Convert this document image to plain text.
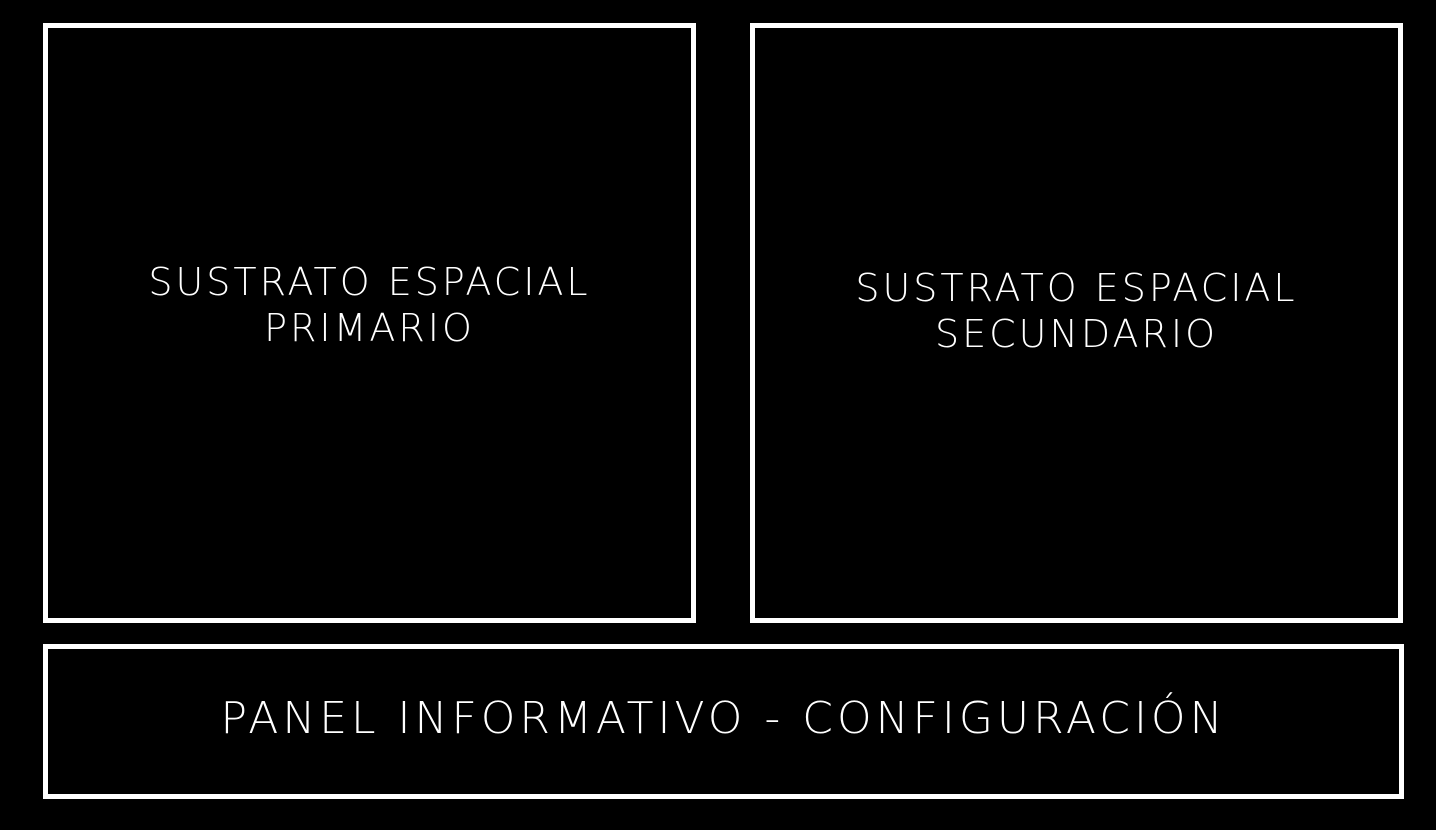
SUSTRATO ESPACIAL
PRIMARIO
SUSTRATO ESPACIAL
SECUNDARIO
PANEL INFORMATIVO - CONFIGURACIÓN
